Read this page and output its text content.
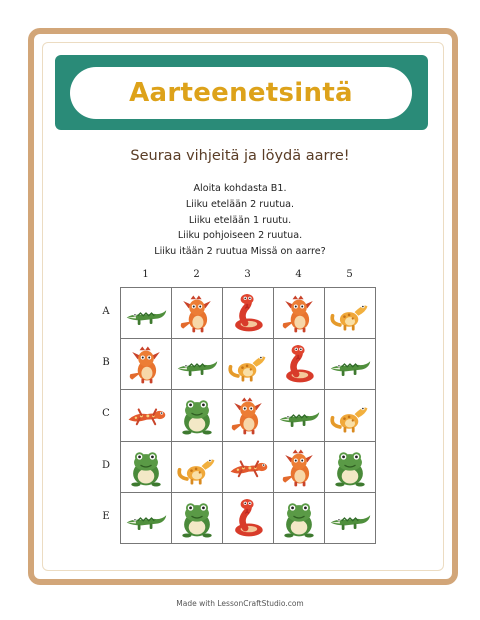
Aarteenetsintä
Seuraa vihjeitä ja löydä aarre!
Aloita kohdasta B1.
Liiku etelään 2 ruutua.
Liiku etelään 1 ruutu.
Liiku pohjoiseen 2 ruutua.
Liiku itään 2 ruutua Missä on aarre?
1	2	3	4	5
A
B
C
D
E
Made with LessonCraftStudio.com
